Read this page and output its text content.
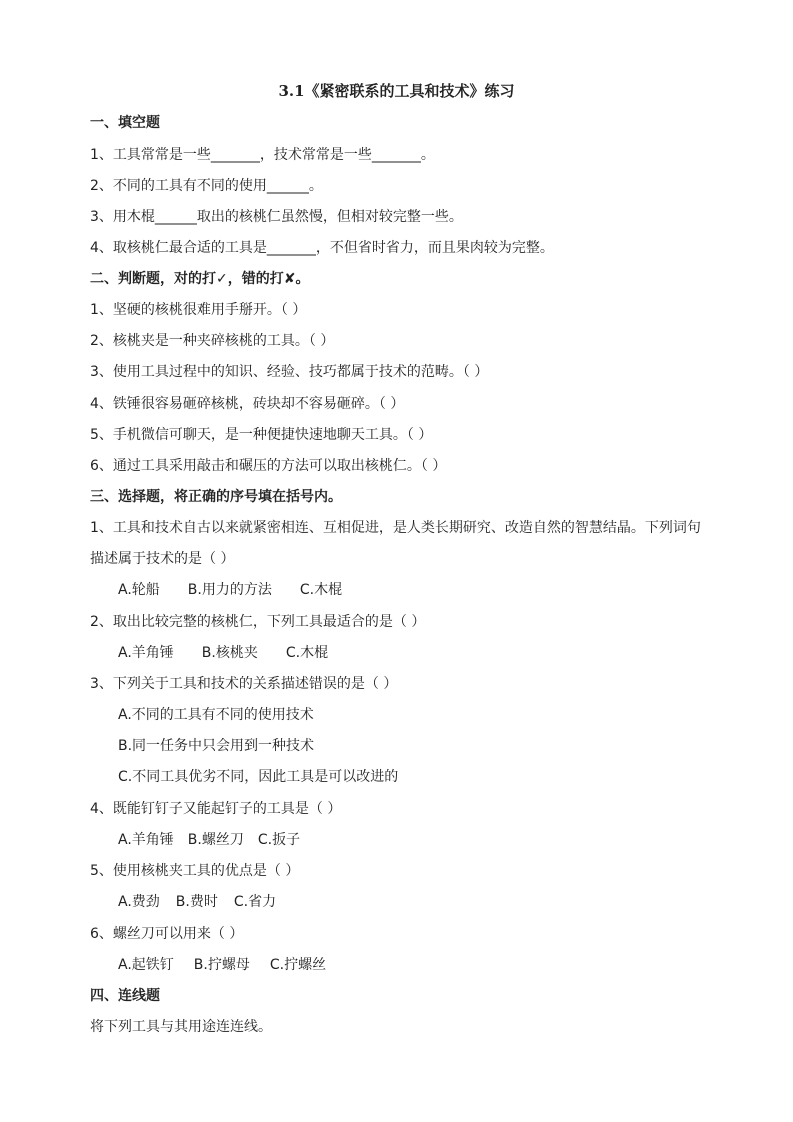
3.1《紧密联系的工具和技术》练习
一、填空题
1、工具常常是一些_______，技术常常是一些_______。
2、不同的工具有不同的使用______。
3、用木棍______取出的核桃仁虽然慢，但相对较完整一些。
4、取核桃仁最合适的工具是_______，不但省时省力，而且果肉较为完整。
二、判断题，对的打✓，错的打✘。
1、坚硬的核桃很难用手掰开。（ ）
2、核桃夹是一种夹碎核桃的工具。（ ）
3、使用工具过程中的知识、经验、技巧都属于技术的范畴。（ ）
4、铁锤很容易砸碎核桃，砖块却不容易砸碎。（ ）
5、手机微信可聊天，是一种便捷快速地聊天工具。（ ）
6、通过工具采用敲击和碾压的方法可以取出核桃仁。（ ）
三、选择题，将正确的序号填在括号内。
1、工具和技术自古以来就紧密相连、互相促进，是人类长期研究、改造自然的智慧结晶。下列词句
描述属于技术的是（ ）
A.轮船 B.用力的方法 C.木棍
2、取出比较完整的核桃仁，下列工具最适合的是（ ）
A.羊角锤 B.核桃夹 C.木棍
3、下列关于工具和技术的关系描述错误的是（ ）
A.不同的工具有不同的使用技术
B.同一任务中只会用到一种技术
C.不同工具优劣不同，因此工具是可以改进的
4、既能钉钉子又能起钉子的工具是（ ）
A.羊角锤 B.螺丝刀 C.扳子
5、使用核桃夹工具的优点是（ ）
A.费劲 B.费时 C.省力
6、螺丝刀可以用来（ ）
A.起铁钉 B.拧螺母 C.拧螺丝
四、连线题
将下列工具与其用途连连线。
